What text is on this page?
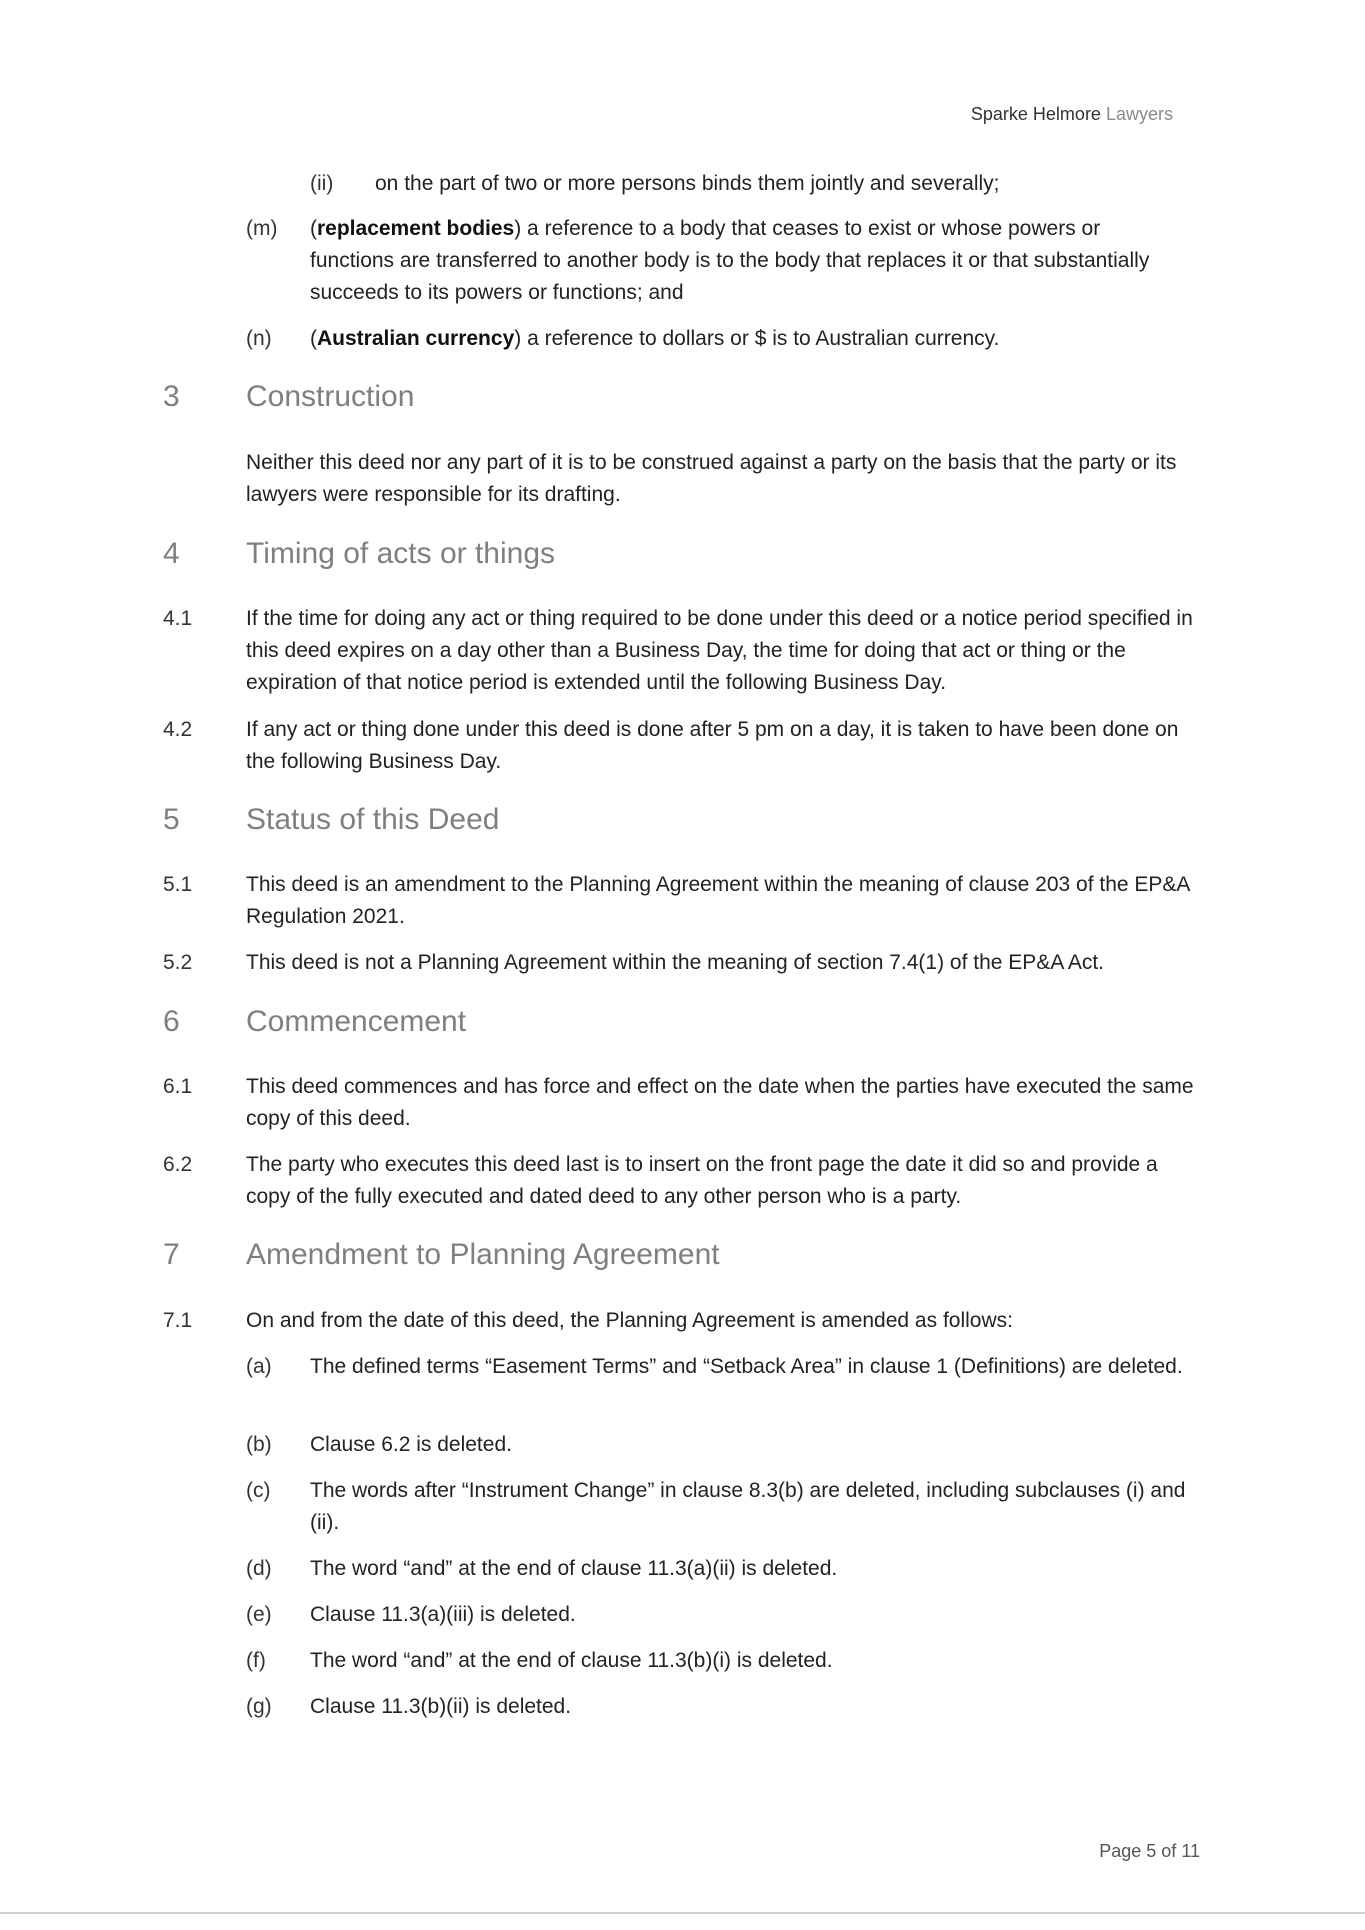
Sparke Helmore Lawyers
(ii) on the part of two or more persons binds them jointly and severally;
(m) (replacement bodies) a reference to a body that ceases to exist or whose powers or functions are transferred to another body is to the body that replaces it or that substantially succeeds to its powers or functions; and
(n) (Australian currency) a reference to dollars or $ is to Australian currency.
3 Construction
Neither this deed nor any part of it is to be construed against a party on the basis that the party or its lawyers were responsible for its drafting.
4 Timing of acts or things
4.1	If the time for doing any act or thing required to be done under this deed or a notice period specified in this deed expires on a day other than a Business Day, the time for doing that act or thing or the expiration of that notice period is extended until the following Business Day.
4.2	If any act or thing done under this deed is done after 5 pm on a day, it is taken to have been done on the following Business Day.
5 Status of this Deed
5.1	This deed is an amendment to the Planning Agreement within the meaning of clause 203 of the EP&A Regulation 2021.
5.2	This deed is not a Planning Agreement within the meaning of section 7.4(1) of the EP&A Act.
6 Commencement
6.1	This deed commences and has force and effect on the date when the parties have executed the same copy of this deed.
6.2	The party who executes this deed last is to insert on the front page the date it did so and provide a copy of the fully executed and dated deed to any other person who is a party.
7 Amendment to Planning Agreement
7.1	On and from the date of this deed, the Planning Agreement is amended as follows:
(a) The defined terms “Easement Terms” and “Setback Area” in clause 1 (Definitions) are deleted.
(b) Clause 6.2 is deleted.
(c) The words after “Instrument Change” in clause 8.3(b) are deleted, including subclauses (i) and (ii).
(d) The word “and” at the end of clause 11.3(a)(ii) is deleted.
(e) Clause 11.3(a)(iii) is deleted.
(f) The word “and” at the end of clause 11.3(b)(i) is deleted.
(g) Clause 11.3(b)(ii) is deleted.
Page 5 of 11
